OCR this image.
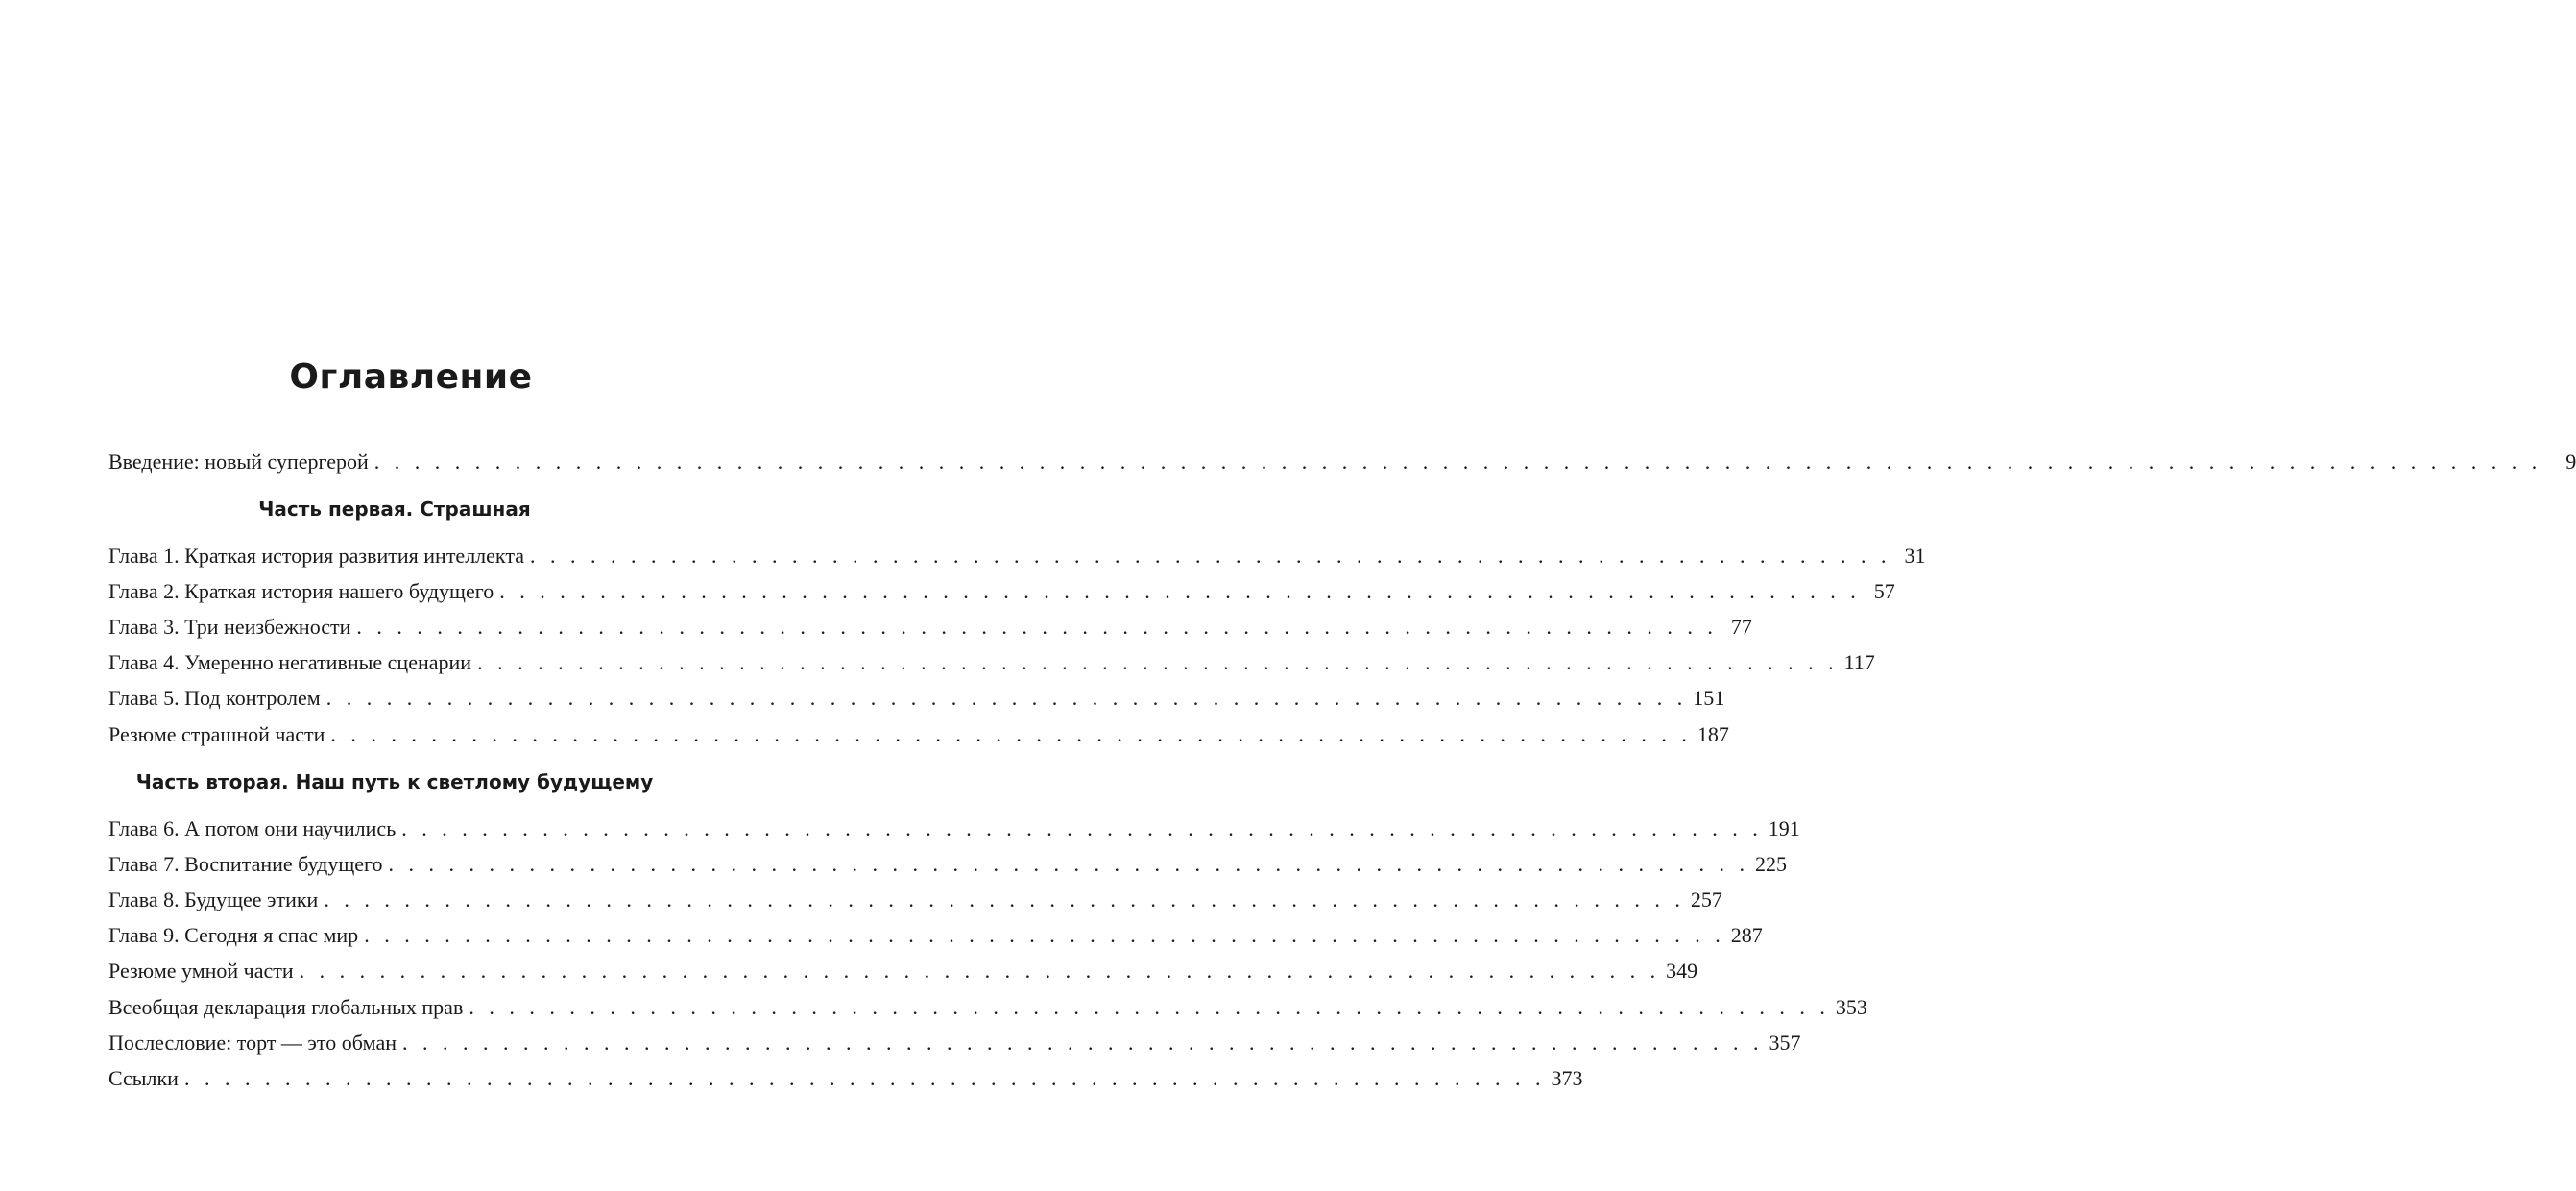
Оглавление
Введение: новый супергерой . . . . . . . . . . . . . . . . . . . . . . . . . . . . . . . . . . . . . . . . . . . . . . . . . . . . . . . . . . . . . . . . . . . . . . . . . . . . . . . . . . . . . . . . . . . . . . . . . . . . . . . . . . . .	9
Часть первая. Страшная
Глава 1. Краткая история развития интеллекта . . . . . . . . . . . . . . . . . . . . . . . . . . . . . . . . . . . . . . . . . . . . . . . . . . . . . . . . . . . . . . . . . . . . 31
Глава 2. Краткая история нашего будущего . . . . . . . . . . . . . . . . . . . . . . . . . . . . . . . . . . . . . . . . . . . . . . . . . . . . . . . . . . . . . . . . . . . . 57
Глава 3. Три неизбежности . . . . . . . . . . . . . . . . . . . . . . . . . . . . . . . . . . . . . . . . . . . . . . . . . . . . . . . . . . . . . . . . . . . . 77
Глава 4. Умеренно негативные сценарии . . . . . . . . . . . . . . . . . . . . . . . . . . . . . . . . . . . . . . . . . . . . . . . . . . . . . . . . . . . . . . . . . . . . 117
Глава 5. Под контролем . . . . . . . . . . . . . . . . . . . . . . . . . . . . . . . . . . . . . . . . . . . . . . . . . . . . . . . . . . . . . . . . . . . . 151
Резюме страшной части . . . . . . . . . . . . . . . . . . . . . . . . . . . . . . . . . . . . . . . . . . . . . . . . . . . . . . . . . . . . . . . . . . . . 187
Часть вторая. Наш путь к светлому будущему
Глава 6. А потом они научились . . . . . . . . . . . . . . . . . . . . . . . . . . . . . . . . . . . . . . . . . . . . . . . . . . . . . . . . . . . . . . . . . . . . 191
Глава 7. Воспитание будущего . . . . . . . . . . . . . . . . . . . . . . . . . . . . . . . . . . . . . . . . . . . . . . . . . . . . . . . . . . . . . . . . . . . . 225
Глава 8. Будущее этики . . . . . . . . . . . . . . . . . . . . . . . . . . . . . . . . . . . . . . . . . . . . . . . . . . . . . . . . . . . . . . . . . . . . 257
Глава 9. Сегодня я спас мир . . . . . . . . . . . . . . . . . . . . . . . . . . . . . . . . . . . . . . . . . . . . . . . . . . . . . . . . . . . . . . . . . . . . 287
Резюме умной части . . . . . . . . . . . . . . . . . . . . . . . . . . . . . . . . . . . . . . . . . . . . . . . . . . . . . . . . . . . . . . . . . . . . 349
Всеобщая декларация глобальных прав . . . . . . . . . . . . . . . . . . . . . . . . . . . . . . . . . . . . . . . . . . . . . . . . . . . . . . . . . . . . . . . . . . . . 353
Послесловие: торт — это обман . . . . . . . . . . . . . . . . . . . . . . . . . . . . . . . . . . . . . . . . . . . . . . . . . . . . . . . . . . . . . . . . . . . . 357
Ссылки . . . . . . . . . . . . . . . . . . . . . . . . . . . . . . . . . . . . . . . . . . . . . . . . . . . . . . . . . . . . . . . . . . . . 373
